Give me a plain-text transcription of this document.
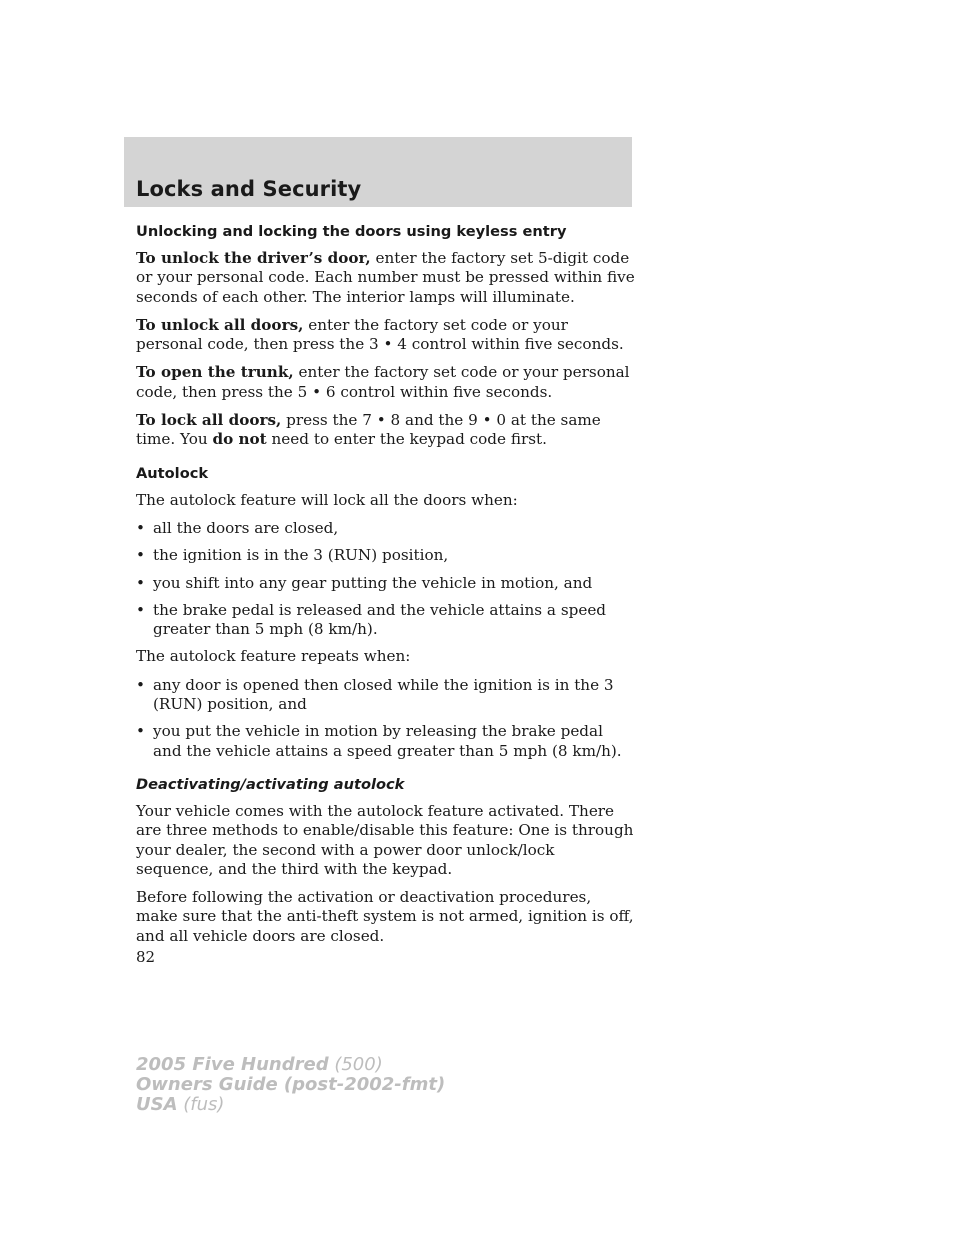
Locks and Security
Unlocking and locking the doors using keyless entry

To unlock the driver’s door, enter the factory set 5-digit code or your personal code. Each number must be pressed within five seconds of each other. The interior lamps will illuminate.

To unlock all doors, enter the factory set code or your personal code, then press the 3 • 4 control within five seconds.

To open the trunk, enter the factory set code or your personal code, then press the 5 • 6 control within five seconds.

To lock all doors, press the 7 • 8 and the 9 • 0 at the same time. You do not need to enter the keypad code first.

Autolock

The autolock feature will lock all the doors when:

• all the doors are closed,
• the ignition is in the 3 (RUN) position,
• you shift into any gear putting the vehicle in motion, and
• the brake pedal is released and the vehicle attains a speed greater than 5 mph (8 km/h).

The autolock feature repeats when:

• any door is opened then closed while the ignition is in the 3 (RUN) position, and
• you put the vehicle in motion by releasing the brake pedal and the vehicle attains a speed greater than 5 mph (8 km/h).
Deactivating/activating autolock

Your vehicle comes with the autolock feature activated. There are three methods to enable/disable this feature: One is through your dealer, the second with a power door unlock/lock sequence, and the third with the keypad.

Before following the activation or deactivation procedures, make sure that the anti-theft system is not armed, ignition is off, and all vehicle doors are closed.

82
2005 Five Hundred (500)
Owners Guide (post-2002-fmt)
USA (fus)
